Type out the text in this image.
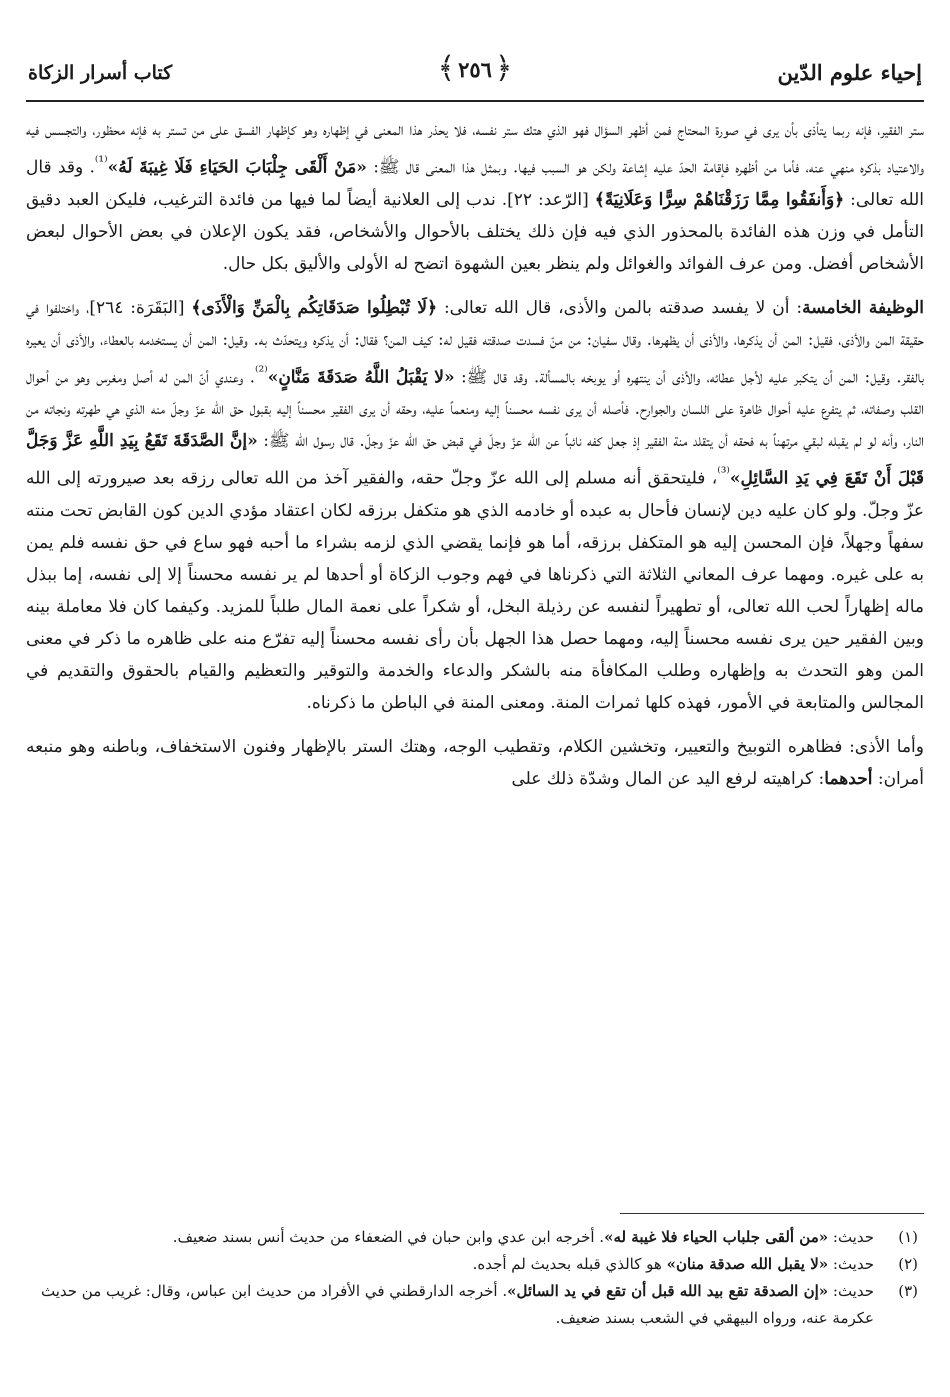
إحياء علوم الدّين
﴿
٢٥٦
﴾
كتاب أسرار الزكاة

ستر الفقير، فإنه ربما يتأذى بأن يرى في صورة المحتاج فمن أظهر السؤال فهو الذي هتك ستر نفسه، فلا يحذر هذا المعنى في إظهاره وهو كإظهار الفسق على من تستر به فإنه محظور، والتجسس فيه والاعتياد بذكره منهي عنه، فأما من أظهره فإقامة الحدّ عليه إشاعة ولكن هو السبب فيها. وبمثل هذا المعنى قال ﷺ: «مَنْ أَلْقَى جِلْبَابَ الحَيَاءِ فَلَا غِيبَةَ لَهُ»$^{^{(1)}}$. وقد قال الله تعالى: ﴿وَأَنفَقُوا مِمَّا رَزَقْنَاهُمْ سِرًّا وَعَلَانِيَةً﴾ [الرّعد: ٢٢]. ندب إلى العلانية أيضاً لما فيها من فائدة الترغيب، فليكن العبد دقيق التأمل في وزن هذه الفائدة بالمحذور الذي فيه فإن ذلك يختلف بالأحوال والأشخاص، فقد يكون الإعلان في بعض الأحوال لبعض الأشخاص أفضل. ومن عرف الفوائد والغوائل ولم ينظر بعين الشهوة اتضح له الأولى والأليق بكل حال.

الوظيفة الخامسة: أن لا يفسد صدقته بالمن والأذى، قال الله تعالى: ﴿لَا تُبْطِلُوا صَدَقَاتِكُم بِالْمَنِّ وَالْأَذَى﴾ [البَقَرَة: ٢٦٤]، واختلفوا في حقيقة المن والأذى، فقيل: المن أن يذكرها، والأذى أن يظهرها. وقال سفيان: من منّ فسدت صدقته فقيل له: كيف المن؟ فقال: أن يذكره ويتحدّث به. وقيل: المن أن يستخدمه بالعطاء، والأذى أن يعيره بالفقر. وقيل: المن أن يتكبر عليه لأجل عطائه، والأذى أن ينتهره أو يوبخه بالمسألة. وقد قال ﷺ: «لا يَقْبَلُ اللَّهُ صَدَقَةَ مَنَّانٍ»$^{^{(2)}}$. وعندي أنّ المن له أصل ومغرس وهو من أحوال القلب وصفاته، ثم يتفرع عليه أحوال ظاهرة على اللسان والجوارح. فأصله أن يرى نفسه محسناً إليه ومنعماً عليه، وحقه أن يرى الفقير محسناً إليه بقبول حق الله عزّ وجلّ منه الذي هي طهرته ونجاته من النار، وأنه لو لم يقبله لبقي مرتهناً به فحقه أن يتقلد منة الفقير إذ جعل كفه نائباً عن الله عزّ وجلّ في قبض حق الله عزّ وجلّ. قال رسول الله ﷺ: «إنَّ الصَّدَقَةَ تَقَعُ بِيَدِ اللَّهِ عَزَّ وَجَلَّ قَبْلَ أَنْ تَقَعَ فِي يَدِ السَّائِلِ»$^{^{(3)}}$، فليتحقق أنه مسلم إلى الله عزّ وجلّ حقه، والفقير آخذ من الله تعالى رزقه بعد صيرورته إلى الله عزّ وجلّ. ولو كان عليه دين لإنسان فأحال به عبده أو خادمه الذي هو متكفل برزقه لكان اعتقاد مؤدي الدين كون القابض تحت منته سفهاً وجهلاً، فإن المحسن إليه هو المتكفل برزقه، أما هو فإنما يقضي الذي لزمه بشراء ما أحبه فهو ساع في حق نفسه فلم يمن به على غيره. ومهما عرف المعاني الثلاثة التي ذكرناها في فهم وجوب الزكاة أو أحدها لم ير نفسه محسناً إلا إلى نفسه، إما ببذل ماله إظهاراً لحب الله تعالى، أو تطهيراً لنفسه عن رذيلة البخل، أو شكراً على نعمة المال طلباً للمزيد. وكيفما كان فلا معاملة بينه وبين الفقير حين يرى نفسه محسناً إليه، ومهما حصل هذا الجهل بأن رأى نفسه محسناً إليه تفرّع منه على ظاهره ما ذكر في معنى المن وهو التحدث به وإظهاره وطلب المكافأة منه بالشكر والدعاء والخدمة والتوقير والتعظيم والقيام بالحقوق والتقديم في المجالس والمتابعة في الأمور، فهذه كلها ثمرات المنة. ومعنى المنة في الباطن ما ذكرناه.

وأما الأذى: فظاهره التوبيخ والتعيير، وتخشين الكلام، وتقطيب الوجه، وهتك الستر بالإظهار وفنون الاستخفاف، وباطنه وهو منبعه أمران: أحدهما: كراهيته لرفع اليد عن المال وشدّة ذلك على

(١)
حديث: «من ألقى جلباب الحياء فلا غيبة له». أخرجه ابن عدي وابن حبان في الضعفاء من حديث أنس بسند ضعيف.
(٢)
حديث: «لا يقبل الله صدقة منان» هو كالذي قبله بحديث لم أجده.
(٣)
حديث: «إن الصدقة تقع بيد الله قبل أن تقع في يد السائل». أخرجه الدارقطني في الأفراد من حديث ابن عباس، وقال: غريب من حديث عكرمة عنه، ورواه البيهقي في الشعب بسند ضعيف.
